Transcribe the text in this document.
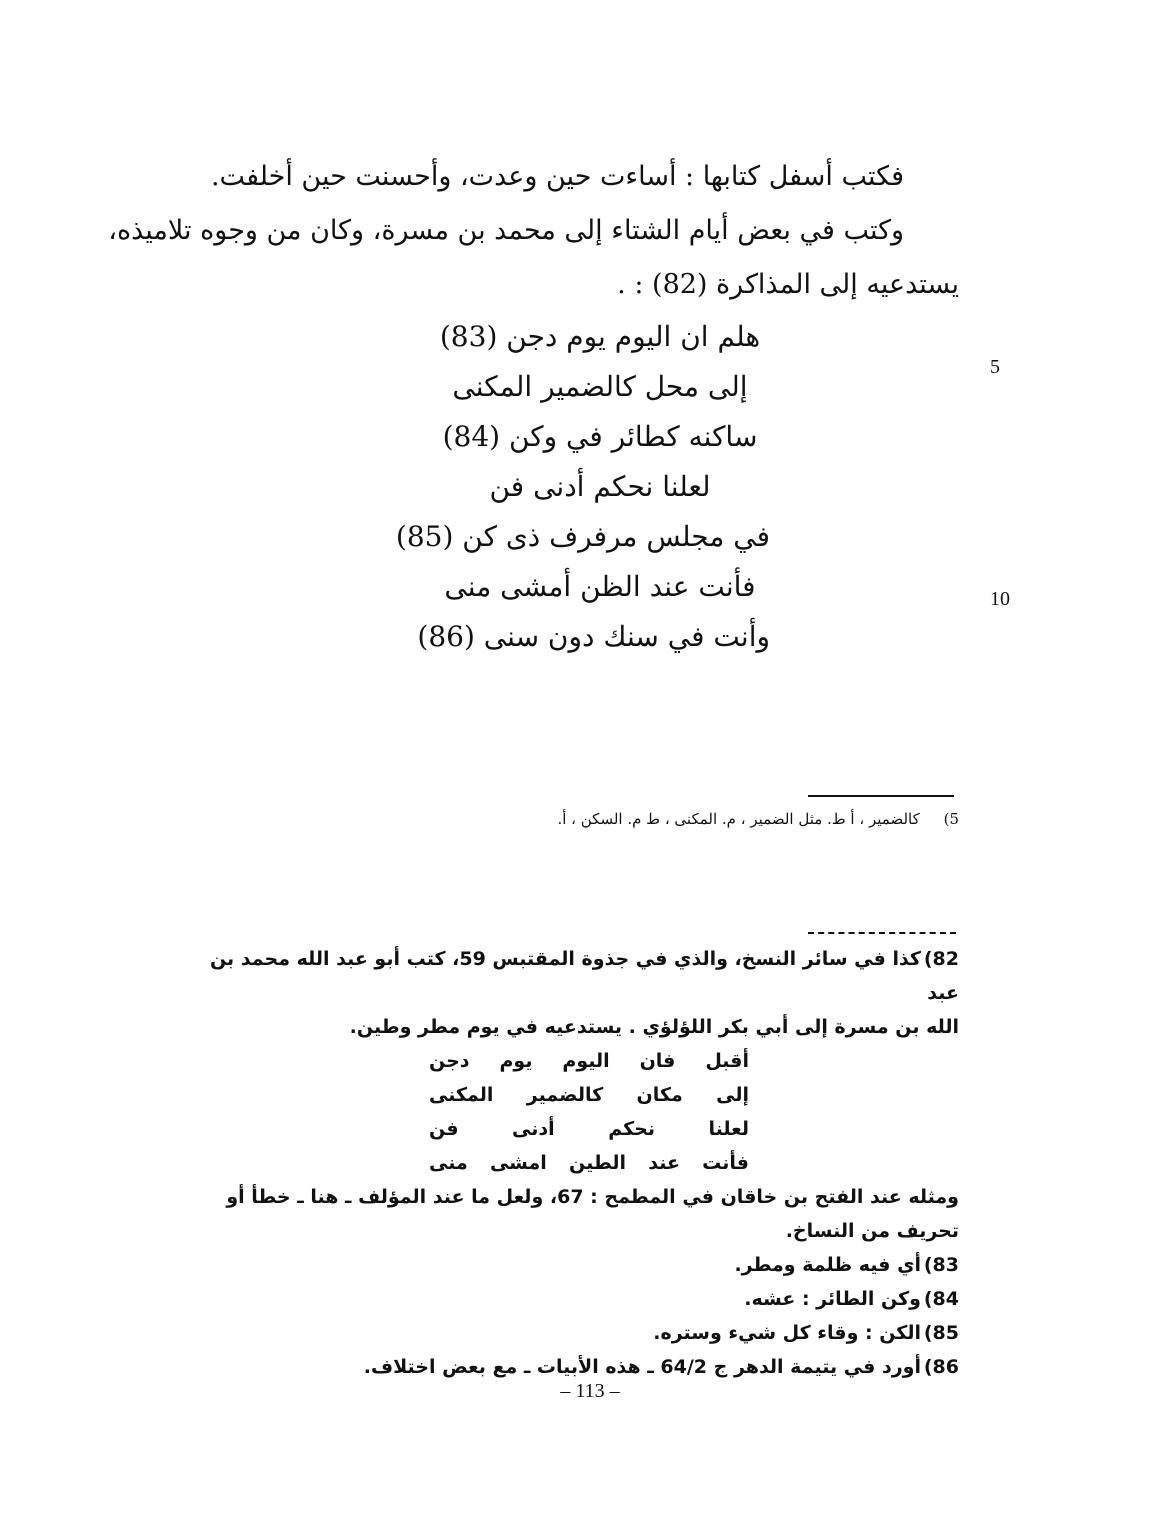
فكتب أسفل كتابها : أساءت حين وعدت، وأحسنت حين أخلفت.
وكتب في بعض أيام الشتاء إلى محمد بن مسرة، وكان من وجوه تلاميذه،
يستدعيه إلى المذاكرة (82) : .
هلم ان اليوم يوم دجن (83)
إلى محل كالضمير المكنى
ساكنه كطائر في وكن (84)
لعلنا نحكم أدنى فن
في مجلس مرفرف ذى كن (85)
فأنت عند الظن أمشى منى
وأنت في سنك دون سنى (86)
5
10
5)     كالضمير ، أ ط. مثل الضمير ، م. المكنى ، ط م. السكن ، أ.
82)كذا في سائر النسخ، والذي في جذوة المقتبس 59، كتب أبو عبد الله محمد بن عبد
الله بن مسرة إلى أبي بكر اللؤلؤي . يستدعيه في يوم مطر وطين.
أقبل فان اليوم يوم دجن
إلى مكان كالضمير المكنى
لعلنا نحكم أدنى فن
فأنت عند الطين امشى منى
ومثله عند الفتح بن خاقان في المطمح : 67، ولعل ما عند المؤلف ـ هنا ـ خطأ أو
تحريف من النساخ.
83)أي فيه ظلمة ومطر.
84)وكن الطائر : عشه.
85)الكن : وقاء كل شيء وستره.
86)أورد في يتيمة الدهر ج 64/2 ـ هذه الأبيات ـ مع بعض اختلاف.
– 113 –
